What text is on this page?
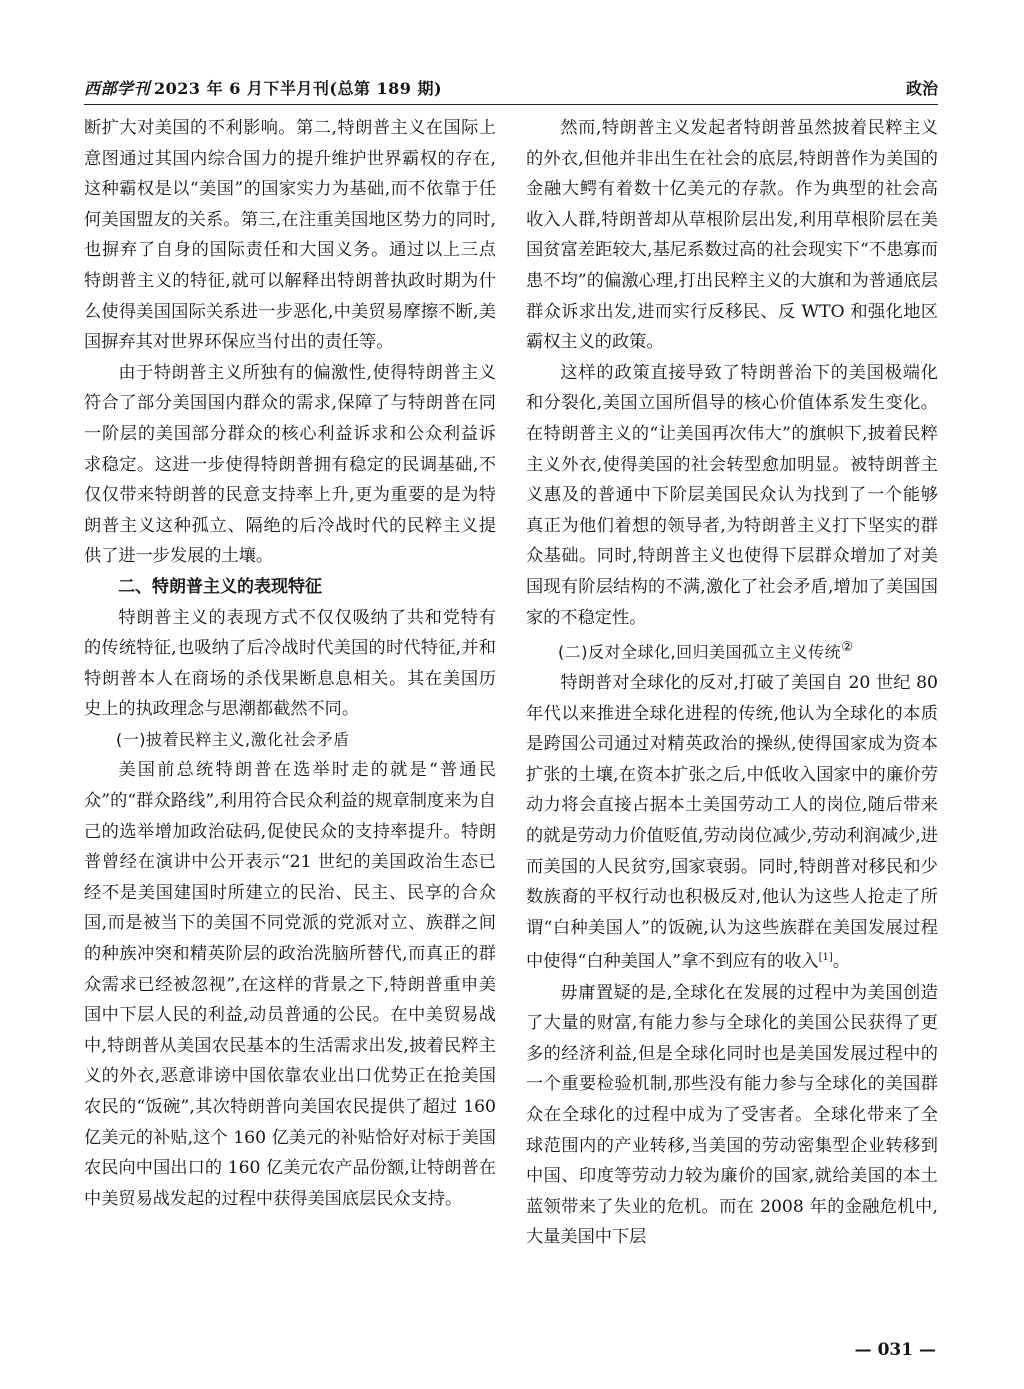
西部学刊 2023 年 6 月下半月刊(总第 189 期)	政治

断扩大对美国的不利影响。第二,特朗普主义在国际上意图通过其国内综合国力的提升维护世界霸权的存在,这种霸权是以“美国”的国家实力为基础,而不依靠于任何美国盟友的关系。第三,在注重美国地区势力的同时,也摒弃了自身的国际责任和大国义务。通过以上三点特朗普主义的特征,就可以解释出特朗普执政时期为什么使得美国国际关系进一步恶化,中美贸易摩擦不断,美国摒弃其对世界环保应当付出的责任等。

由于特朗普主义所独有的偏激性,使得特朗普主义符合了部分美国国内群众的需求,保障了与特朗普在同一阶层的美国部分群众的核心利益诉求和公众利益诉求稳定。这进一步使得特朗普拥有稳定的民调基础,不仅仅带来特朗普的民意支持率上升,更为重要的是为特朗普主义这种孤立、隔绝的后冷战时代的民粹主义提供了进一步发展的土壤。

二、特朗普主义的表现特征

特朗普主义的表现方式不仅仅吸纳了共和党特有的传统特征,也吸纳了后冷战时代美国的时代特征,并和特朗普本人在商场的杀伐果断息息相关。其在美国历史上的执政理念与思潮都截然不同。

(一)披着民粹主义,激化社会矛盾

美国前总统特朗普在选举时走的就是“普通民众”的“群众路线”,利用符合民众利益的规章制度来为自己的选举增加政治砝码,促使民众的支持率提升。特朗普曾经在演讲中公开表示“21 世纪的美国政治生态已经不是美国建国时所建立的民治、民主、民享的合众国,而是被当下的美国不同党派的党派对立、族群之间的种族冲突和精英阶层的政治洗脑所替代,而真正的群众需求已经被忽视”,在这样的背景之下,特朗普重申美国中下层人民的利益,动员普通的公民。在中美贸易战中,特朗普从美国农民基本的生活需求出发,披着民粹主义的外衣,恶意诽谤中国依靠农业出口优势正在抢美国农民的“饭碗”,其次特朗普向美国农民提供了超过 160 亿美元的补贴,这个 160 亿美元的补贴恰好对标于美国农民向中国出口的 160 亿美元农产品份额,让特朗普在中美贸易战发起的过程中获得美国底层民众支持。

然而,特朗普主义发起者特朗普虽然披着民粹主义的外衣,但他并非出生在社会的底层,特朗普作为美国的金融大鳄有着数十亿美元的存款。作为典型的社会高收入人群,特朗普却从草根阶层出发,利用草根阶层在美国贫富差距较大,基尼系数过高的社会现实下“不患寡而患不均”的偏激心理,打出民粹主义的大旗和为普通底层群众诉求出发,进而实行反移民、反 WTO 和强化地区霸权主义的政策。

这样的政策直接导致了特朗普治下的美国极端化和分裂化,美国立国所倡导的核心价值体系发生变化。在特朗普主义的“让美国再次伟大”的旗帜下,披着民粹主义外衣,使得美国的社会转型愈加明显。被特朗普主义惠及的普通中下阶层美国民众认为找到了一个能够真正为他们着想的领导者,为特朗普主义打下坚实的群众基础。同时,特朗普主义也使得下层群众增加了对美国现有阶层结构的不满,激化了社会矛盾,增加了美国国家的不稳定性。

(二)反对全球化,回归美国孤立主义传统②

特朗普对全球化的反对,打破了美国自 20 世纪 80 年代以来推进全球化进程的传统,他认为全球化的本质是跨国公司通过对精英政治的操纵,使得国家成为资本扩张的土壤,在资本扩张之后,中低收入国家中的廉价劳动力将会直接占据本土美国劳动工人的岗位,随后带来的就是劳动力价值贬值,劳动岗位减少,劳动利润减少,进而美国的人民贫穷,国家衰弱。同时,特朗普对移民和少数族裔的平权行动也积极反对,他认为这些人抢走了所谓“白种美国人”的饭碗,认为这些族群在美国发展过程中使得“白种美国人”拿不到应有的收入[1]。

毋庸置疑的是,全球化在发展的过程中为美国创造了大量的财富,有能力参与全球化的美国公民获得了更多的经济利益,但是全球化同时也是美国发展过程中的一个重要检验机制,那些没有能力参与全球化的美国群众在全球化的过程中成为了受害者。全球化带来了全球范围内的产业转移,当美国的劳动密集型企业转移到中国、印度等劳动力较为廉价的国家,就给美国的本土蓝领带来了失业的危机。而在 2008 年的金融危机中,大量美国中下层

— 031 —
